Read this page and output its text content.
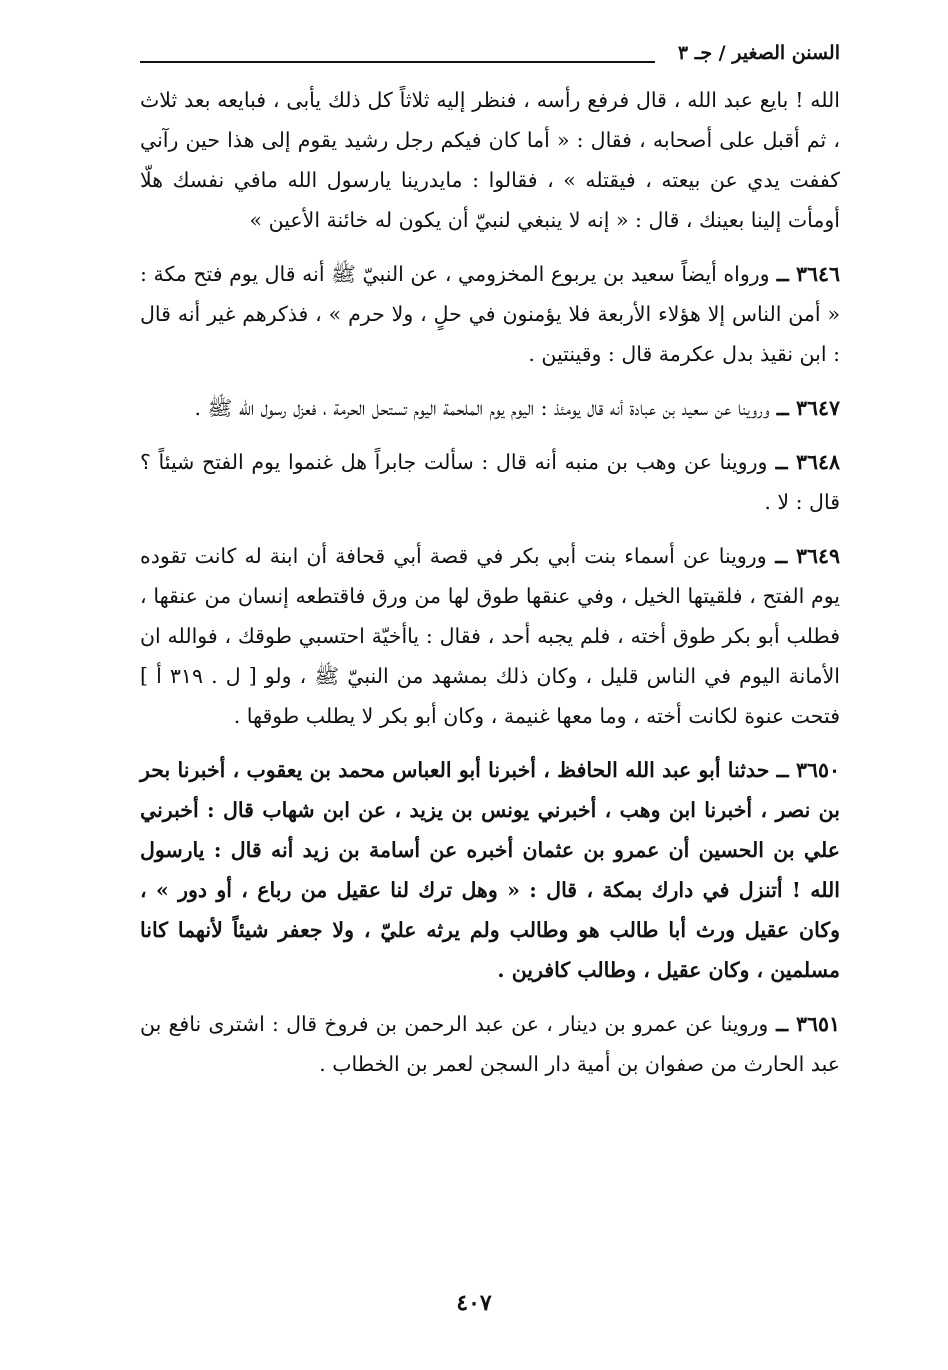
السنن الصغير / جـ ٣

الله ! بايع عبد الله ، قال فرفع رأسه ، فنظر إليه ثلاثاً كل ذلك يأبى ، فبايعه بعد ثلاث ، ثم أقبل على أصحابه ، فقال : « أما كان فيكم رجل رشيد يقوم إلى هذا حين رآني كففت يدي عن بيعته ، فيقتله » ، فقالوا : مايدرينا يارسول الله مافي نفسك هلّا أومأت إلينا بعينك ، قال : « إنه لا ينبغي لنبيّ أن يكون له خائنة الأعين »

٣٦٤٦ ــ ورواه أيضاً سعيد بن يربوع المخزومي ، عن النبيّ ﷺ أنه قال يوم فتح مكة : « أمن الناس إلا هؤلاء الأربعة فلا يؤمنون في حلٍ ، ولا حرم » ، فذكرهم غير أنه قال : ابن نقيذ بدل عكرمة قال : وقينتين .

٣٦٤٧ ــ وروينا عن سعيد بن عبادة أنه قال يومئذ : اليوم يوم الملحمة اليوم تستحل الحرمة ، فعزل رسول الله ﷺ .

٣٦٤٨ ــ وروينا عن وهب بن منبه أنه قال : سألت جابراً هل غنموا يوم الفتح شيئاً ؟ قال : لا .

٣٦٤٩ ــ وروينا عن أسماء بنت أبي بكر في قصة أبي قحافة أن ابنة له كانت تقوده يوم الفتح ، فلقيتها الخيل ، وفي عنقها طوق لها من ورق فاقتطعه إنسان من عنقها ، فطلب أبو بكر طوق أخته ، فلم يجبه أحد ، فقال : ياأخيّة احتسبي طوقك ، فوالله ان الأمانة اليوم في الناس قليل ، وكان ذلك بمشهد من النبيّ ﷺ ، ولو [ ل . ٣١٩ أ ] فتحت عنوة لكانت أخته ، وما معها غنيمة ، وكان أبو بكر لا يطلب طوقها .

٣٦٥٠ ــ حدثنا أبو عبد الله الحافظ ، أخبرنا أبو العباس محمد بن يعقوب ، أخبرنا بحر بن نصر ، أخبرنا ابن وهب ، أخبرني يونس بن يزيد ، عن ابن شهاب قال : أخبرني علي بن الحسين أن عمرو بن عثمان أخبره عن أسامة بن زيد أنه قال : يارسول الله ! أتنزل في دارك بمكة ، قال : « وهل ترك لنا عقيل من رباع ، أو دور » ، وكان عقيل ورث أبا طالب هو وطالب ولم يرثه عليّ ، ولا جعفر شيئاً لأنهما كانا مسلمين ، وكان عقيل ، وطالب كافرين .

٣٦٥١ ــ وروينا عن عمرو بن دينار ، عن عبد الرحمن بن فروخ قال : اشترى نافع بن عبد الحارث من صفوان بن أمية دار السجن لعمر بن الخطاب .

٤٠٧
